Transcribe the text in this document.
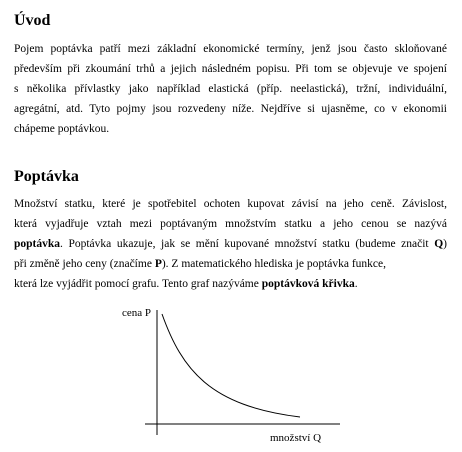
Úvod
Pojem poptávka patří mezi základní ekonomické termíny, jenž jsou často skloňované
především při zkoumání trhů a jejich následném popisu. Při tom se objevuje ve spojení
s několika přívlastky jako například elastická (příp. neelastická), tržní, individuální,
agregátní, atd. Tyto pojmy jsou rozvedeny níže. Nejdříve si ujasněme, co v ekonomii
chápeme poptávkou.
Poptávka
Množství statku, které je spotřebitel ochoten kupovat závisí na jeho ceně. Závislost,
která vyjadřuje vztah mezi poptávaným množstvím statku a jeho cenou se nazývá
poptávka. Poptávka ukazuje, jak se mění kupované množství statku (budeme značit Q)
při změně jeho ceny (značíme P). Z matematického hlediska je poptávka funkce,
která lze vyjádřit pomocí grafu. Tento graf nazýváme poptávková křivka.
cena P
množství Q
